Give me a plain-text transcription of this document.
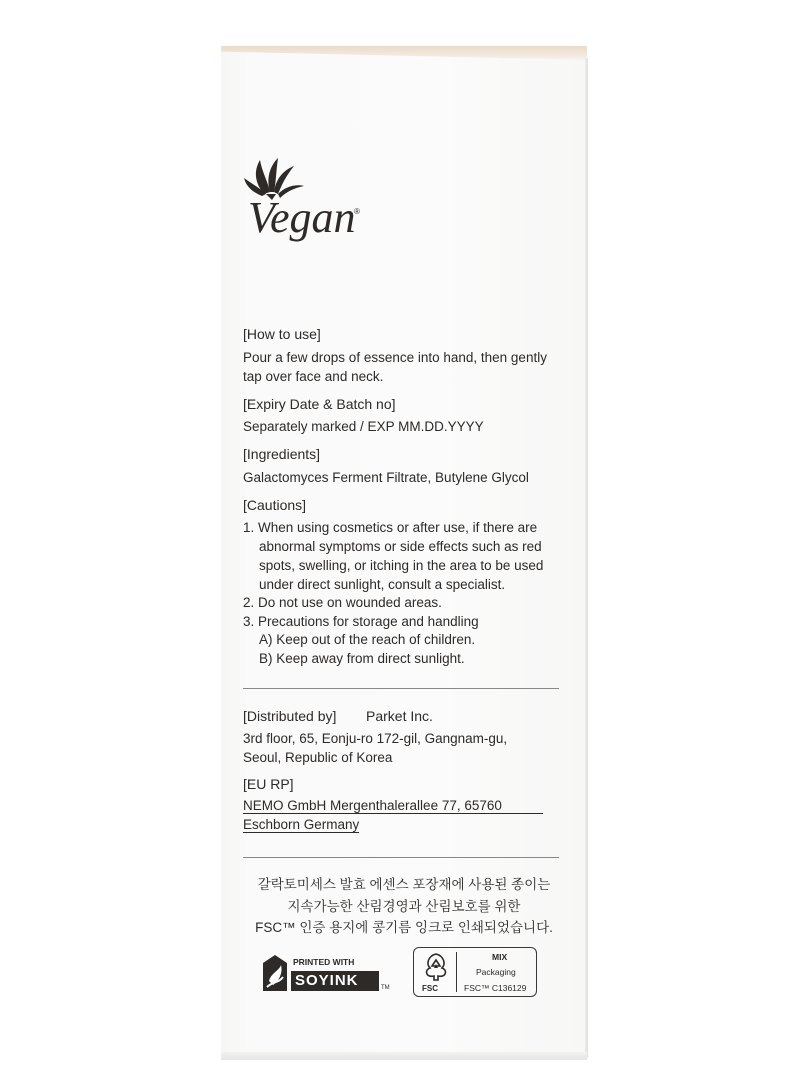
Vegan
®
[How to use]
Pour a few drops of essence into hand, then gently
tap over face and neck.
[Expiry Date & Batch no]
Separately marked / EXP MM.DD.YYYY
[Ingredients]
Galactomyces Ferment Filtrate, Butylene Glycol
[Cautions]
1. When using cosmetics or after use, if there are
abnormal symptoms or side effects such as red
spots, swelling, or itching in the area to be used
under direct sunlight, consult a specialist.
2. Do not use on wounded areas.
3. Precautions for storage and handling
A) Keep out of the reach of children.
B) Keep away from direct sunlight.
[Distributed by] Parket Inc.
3rd floor, 65, Eonju-ro 172-gil, Gangnam-gu,
Seoul, Republic of Korea
[EU RP]
NEMO GmbH Mergenthalerallee 77, 65760
Eschborn Germany
갈락토미세스 발효 에센스 포장재에 사용된 종이는
지속가능한 산림경영과 산림보호를 위한
FSC™ 인증 용지에 콩기름 잉크로 인쇄되었습니다.
PRINTED WITH
SOYINK	TM	FSC
MIX
Packaging
FSC™ C136129
